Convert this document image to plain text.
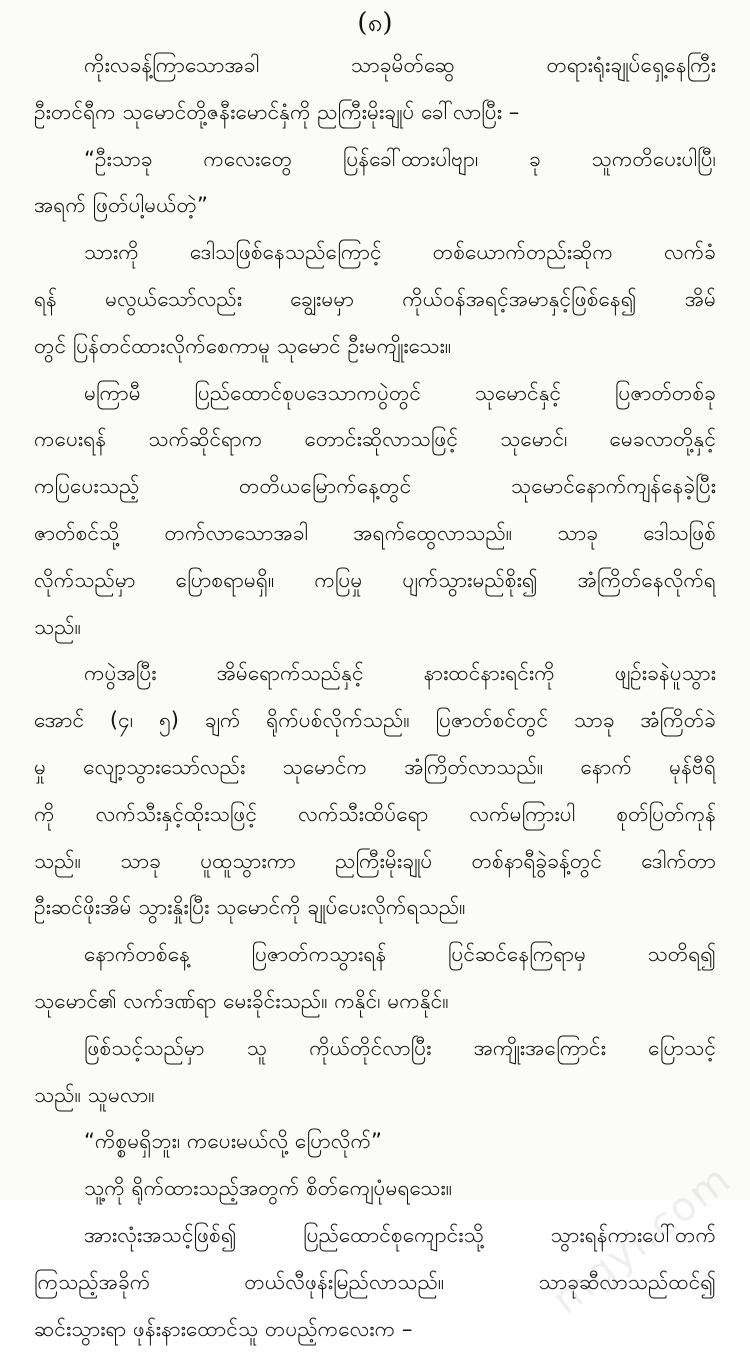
(၈)
ကိုးလခန့်ကြာသောအခါ သာခုမိတ်ဆွေ တရားရုံးချုပ်ရှေ့နေကြီး
ဦးတင်ရီက သုမောင်တို့ဇနီးမောင်နှံကို ညကြီးမိုးချုပ် ခေါ်လာပြီး –
“ဦးသာခု ကလေးတွေ ပြန်ခေါ်ထားပါဗျာ၊ ခု သူကတိပေးပါပြီ၊
အရက် ဖြတ်ပါ့မယ်တဲ့”
သားကို ဒေါသဖြစ်နေသည်ကြောင့် တစ်ယောက်တည်းဆိုက လက်ခံ
ရန် မလွယ်သော်လည်း ချွေးမမှာ ကိုယ်ဝန်အရင့်အမာနှင့်ဖြစ်နေ၍ အိမ်
တွင် ပြန်တင်ထားလိုက်စေကာမူ သုမောင် ဦးမကျိုးသေး။
မကြာမီ ပြည်ထောင်စုပဒေသာကပွဲတွင် သုမောင်နှင့် ပြဇာတ်တစ်ခု
ကပေးရန် သက်ဆိုင်ရာက တောင်းဆိုလာသဖြင့် သုမောင်၊ မေခလာတို့နှင့်
ကပြပေးသည့် တတိယမြောက်နေ့တွင် သုမောင်နောက်ကျန်နေခဲ့ပြီး
ဇာတ်စင်သို့ တက်လာသောအခါ အရက်ထွေလာသည်။ သာခု ဒေါသဖြစ်
လိုက်သည်မှာ ပြောစရာမရှိ။ ကပြမှု ပျက်သွားမည်စိုး၍ အံကြိတ်နေလိုက်ရ
သည်။
ကပွဲအပြီး အိမ်ရောက်သည်နှင့် နားထင်နားရင်းကို ဖျဉ်းခနဲပူသွား
အောင် (၄၊ ၅) ချက် ရိုက်ပစ်လိုက်သည်။ ပြဇာတ်စင်တွင် သာခု အံကြိတ်ခဲ
မှု လျော့သွားသော်လည်း သုမောင်က အံကြိတ်လာသည်။ နောက် မုန်ဗီရိ
ကို လက်သီးနှင့်ထိုးသဖြင့် လက်သီးထိပ်ရော လက်မကြားပါ စုတ်ပြတ်ကုန်
သည်။ သာခု ပူထူသွားကာ ညကြီးမိုးချုပ် တစ်နာရီခွဲခန့်တွင် ဒေါက်တာ
ဦးဆင်ဖိုးအိမ် သွားနှိုးပြီး သုမောင်ကို ချုပ်ပေးလိုက်ရသည်။
နောက်တစ်နေ့ ပြဇာတ်ကသွားရန် ပြင်ဆင်နေကြရာမှ သတိရ၍
သုမောင်၏ လက်ဒဏ်ရာ မေးခိုင်းသည်။ ကနိုင်၊ မကနိုင်။
ဖြစ်သင့်သည်မှာ သူ ကိုယ်တိုင်လာပြီး အကျိုးအကြောင်း ပြောသင့်
သည်။ သူမလာ။
“ကိစ္စမရှိဘူး၊ ကပေးမယ်လို့ ပြောလိုက်”
သူ့ကို ရိုက်ထားသည့်အတွက် စိတ်ကျေပုံမရသေး။
အားလုံးအသင့်ဖြစ်၍ ပြည်ထောင်စုကျောင်းသို့ သွားရန်ကားပေါ်တက်
ကြသည့်အခိုက် တယ်လီဖုန်းမြည်လာသည်။ သာခုဆီလာသည်ထင်၍
ဆင်းသွားရာ ဖုန်းနားထောင်သူ တပည့်ကလေးက –
mgyi.com
